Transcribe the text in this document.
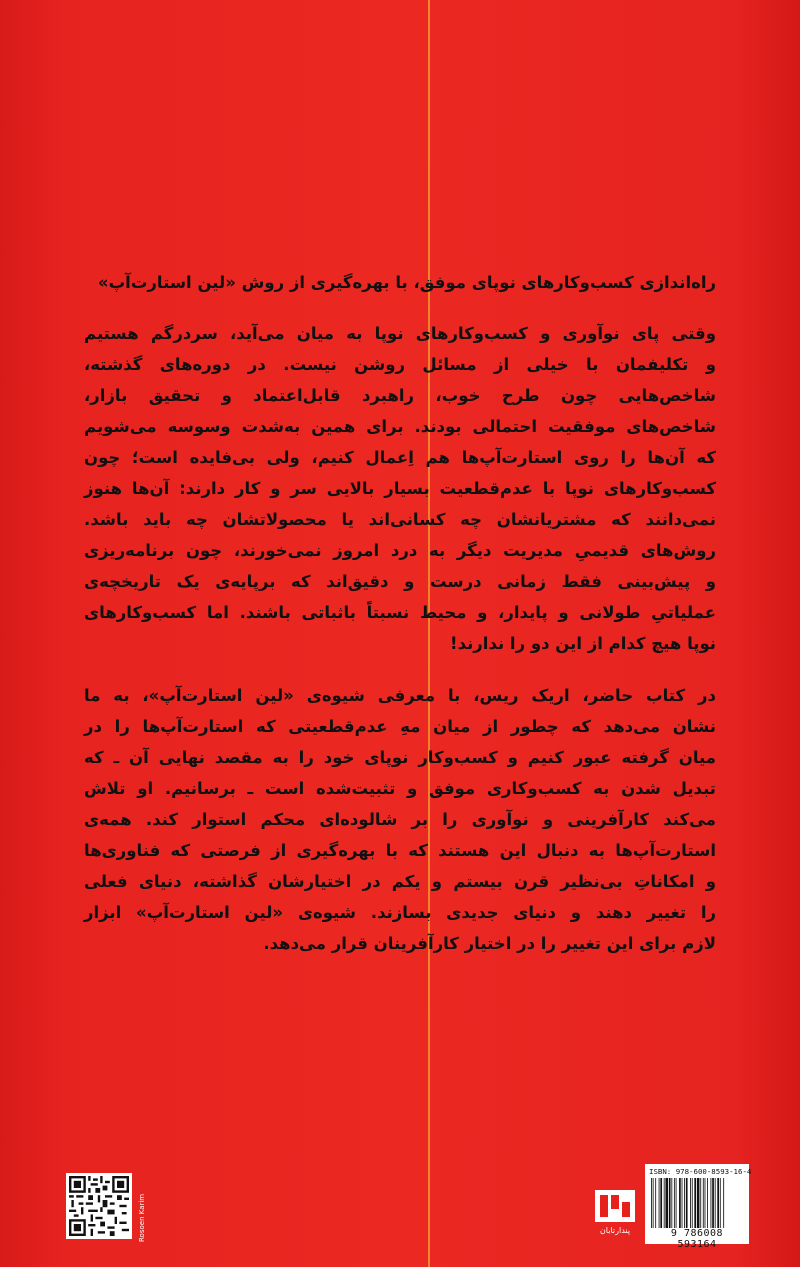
راه‌اندازی کسب‌وکارهای نوپای موفق، با بهره‌گیری از روش «لین استارت‌آپ»
وقتی پای نوآوری و کسب‌وکارهای نوپا به میان می‌آید، سردرگم هستیم
و تکلیفمان با خیلی از مسائل روشن نیست. در دوره‌های گذشته،
شاخص‌هایی چون طرح خوب، راهبرد قابل‌اعتماد و تحقیق بازار،
شاخص‌های موفقیت احتمالی بودند. برای همین به‌شدت وسوسه می‌شویم
که آن‌ها را روی استارت‌آپ‌ها هم اِعمال کنیم، ولی بی‌فایده است؛ چون
کسب‌وکارهای نوپا با عدم‌قطعیت بسیار بالایی سر و کار دارند: آن‌ها هنوز
نمی‌دانند که مشتریانشان چه کسانی‌اند یا محصولاتشان چه باید باشد.
روش‌های قدیمیِ مدیریت دیگر به درد امروز نمی‌خورند، چون برنامه‌ریزی
و پیش‌بینی فقط زمانی درست و دقیق‌اند که بر‌پایه‌ی یک تاریخچه‌ی
عملیاتیِ طولانی و پایدار، و محیط نسبتاً باثباتی باشند. اما کسب‌وکارهای
نوپا هیچ کدام از این دو را ندارند!
در کتاب حاضر، اریک ریس، با معرفی شیوه‌ی «لین استارت‌آپ»، به ما
نشان می‌دهد که چطور از میان مهِ عدم‌قطعیتی که استارت‌آپ‌ها را در
میان گرفته عبور کنیم و کسب‌وکار نوپای خود را به مقصد نهایی آن ـ که
تبدیل شدن به کسب‌وکاری موفق و تثبیت‌شده است ـ برسانیم. او تلاش
می‌کند کارآفرینی و نوآوری را بر شالوده‌ای محکم استوار کند. همه‌ی
استارت‌آپ‌ها به دنبال این هستند که با بهره‌گیری از فرصتی که فناوری‌ها
و امکاناتِ بی‌نظیر قرن بیستم و یکم در اختیارشان گذاشته، دنیای فعلی
را تغییر دهند و دنیای جدیدی بسازند. شیوه‌ی «لین استارت‌آپ» ابزار
لازم برای این تغییر را در اختیار کارآفرینان قرار می‌دهد.
Rosoen Karim	پندارتابان
ISBN: 978-600-8593-16-4
9 786008 593164
